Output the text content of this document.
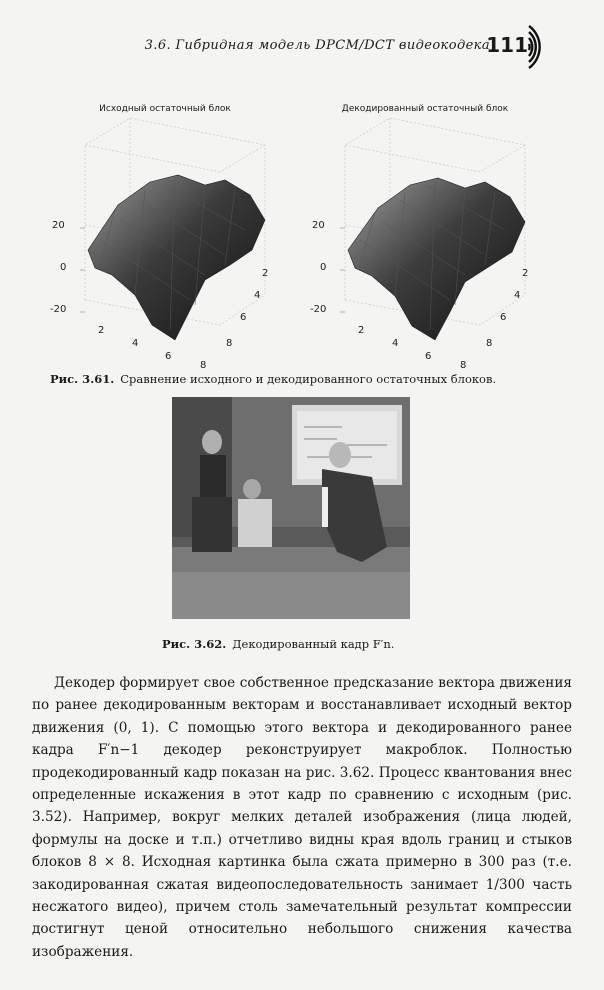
3.6. Гибридная модель DPCM/DCT видеокодека
111
Исходный остаточный блок
20
0
-20
2
4
6
8
2
4
6
8
Декодированный остаточный блок
20
0
-20
2
4
6
8
2
4
6
8
Рис. 3.61. Сравнение исходного и декодированного остаточных блоков.
Рис. 3.62. Декодированный кадр F′n.

Декодер формирует свое собственное предсказание вектора движения по ранее декодированным векторам и восстанавливает исходный вектор движения (0, 1). С помощью этого вектора и декодированного ранее кадра F′n−1 декодер реконструирует макроблок. Полностью продекодированный кадр показан на рис. 3.62. Процесс квантования внес определенные искажения в этот кадр по сравнению с исходным (рис. 3.52). Например, вокруг мелких деталей изображения (лица людей, формулы на доске и т.п.) отчетливо видны края вдоль границ и стыков блоков 8 × 8. Исходная картинка была сжата примерно в 300 раз (т.е. закодированная сжатая видеопоследовательность занимает 1/300 часть несжатого видео), причем столь замечательный результат компрессии достигнут ценой относительно небольшого снижения качества изображения.
